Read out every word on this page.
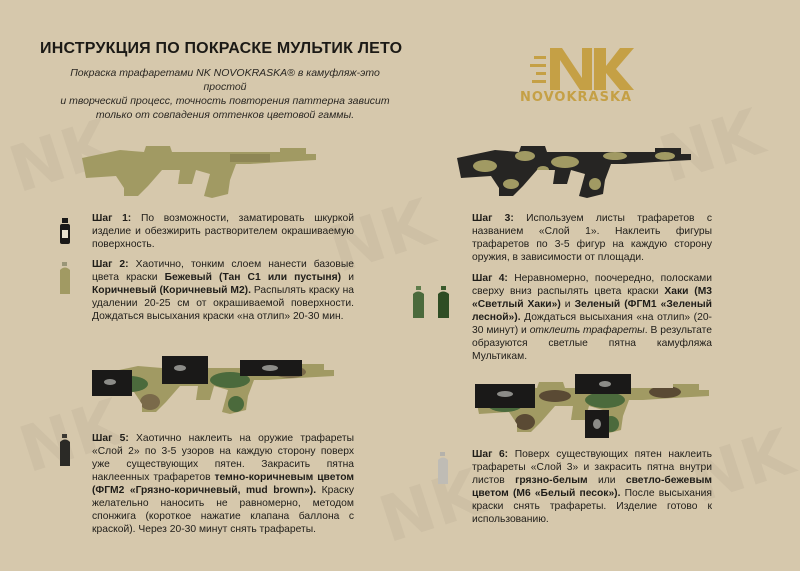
ИНСТРУКЦИЯ ПО ПОКРАСКЕ МУЛЬТИК ЛЕТО

Покраска трафаретами NK NOVOKRASKA® в камуфляж-это простой

и творческий процесс, точность повторения паттерна зависит

только от совпадения оттенков цветовой гаммы.

NOVOKRASKA

Шаг 1: По возможности, заматировать шкуркой изделие и обезжирить растворителем окрашиваемую поверхность.

Шаг 2: Хаотично, тонким слоем нанести базовые цвета краски Бежевый (Тан С1 или пустыня) и Коричневый (Коричневый М2). Распылять краску на удалении 20-25 см от окрашиваемой поверхности. Дождаться высыхания краски «на отлип» 20-30 мин.

Шаг 3: Используем листы трафаретов с названием «Слой 1». Наклеить фигуры трафаретов по 3-5 фигур на каждую сторону оружия, в зависимости от площади.

Шаг 4: Неравномерно, поочередно, полосками сверху вниз распылять цвета краски Хаки (М3 «Светлый Хаки») и Зеленый (ФГМ1 «Зеленый лесной»). Дождаться высыхания «на отлип» (20-30 минут) и отклеить трафареты. В результате образуются светлые пятна камуфляжа Мультикам.

Шаг 5: Хаотично наклеить на оружие трафареты «Слой 2» по 3-5 узоров на каждую сторону поверх уже существующих пятен. Закрасить пятна наклеенных трафаретов темно-коричневым цветом (ФГМ2 «Грязно-коричневый, mud brown»). Краску желательно наносить не равномерно, методом спонжига (короткое нажатие клапана баллона с краской). Через 20-30 минут снять трафареты.

Шаг 6: Поверх существующих пятен наклеить трафареты «Слой 3» и закрасить пятна внутри листов грязно-белым или светло-бежевым цветом (М6 «Белый песок»). После высыхания краски снять трафареты. Изделие готово к использованию.
